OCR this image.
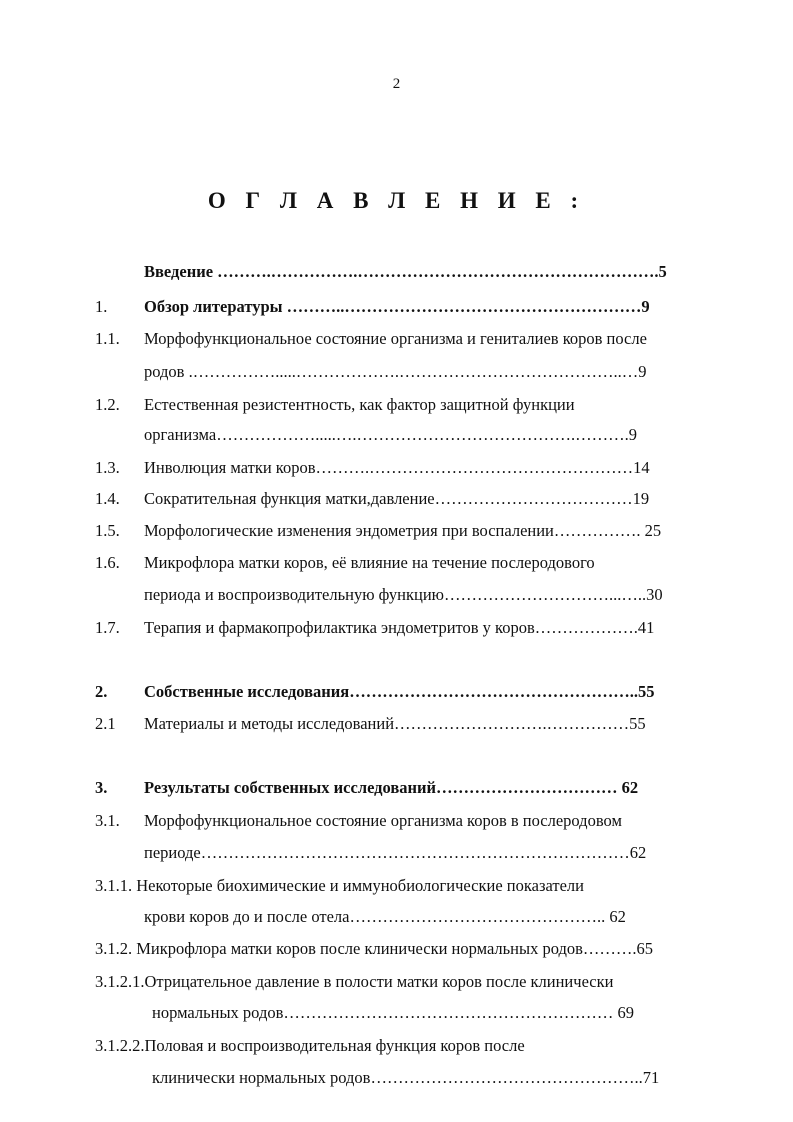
2
О Г Л А В Л Е Н И Е :
Введение ……….…………….……………………………………………….5
1. Обзор литературы ………..………………………………………………9
1.1. Морфофункциональное состояние организма и гениталиев коров после
родов .…………….....……………….…………………………………..…9
1.2. Естественная резистентность, как фактор защитной функции
организма……………….....….………………………………….……….9
1.3. Инволюция матки коров……….…………………………………………14
1.4. Сократительная функция матки,давление………………………………19
1.5. Морфологические изменения эндометрия при воспалении……………. 25
1.6. Микрофлора матки коров, её влияние на течение послеродового
периода и воспроизводительную функцию…………………………...…..30
1.7. Терапия и фармакопрофилактика эндометритов у коров……………….41
2. Собственные исследования……………………………………………..55
2.1 Материалы и методы исследований……………………….……………55
3. Результаты собственных исследований…………………………… 62
3.1. Морфофункциональное состояние организма коров в послеродовом
периоде……………………………………………………………………62
3.1.1. Некоторые биохимические и иммунобиологические показатели
крови коров до и после отела……………………………………….. 62
3.1.2. Микрофлора матки коров после клинически нормальных родов……….65
3.1.2.1.Отрицательное давление в полости матки коров после клинически
нормальных родов…………………………………………………… 69
3.1.2.2.Половая и воспроизводительная функция коров после
клинически нормальных родов…………………………………………..71
